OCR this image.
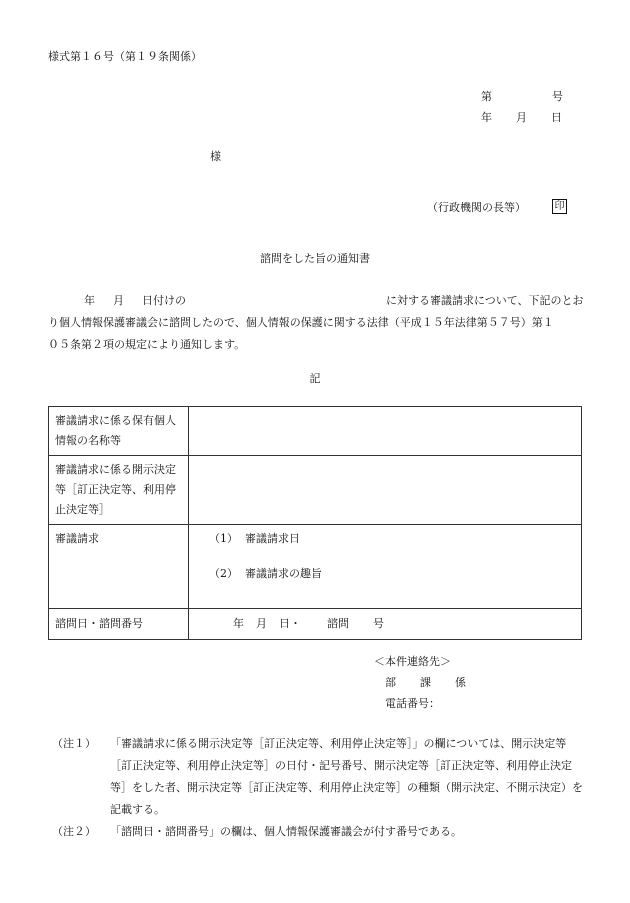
様式第１６号（第１９条関係）
第	号
年 月 日
様
（行政機関の長等）	印
諮問をした旨の通知書

年 月 日付けの	に対する審議請求について、下記のとお

り個人情報保護審議会に諮問したので、個人情報の保護に関する法律（平成１５年法律第５７号）第１

０５条第２項の規定により通知します。

記
審議請求に係る保有個人情報の名称等	
審議請求に係る開示決定等［訂正決定等、利用停止決定等］	
審議請求	（1） 審議請求日
（2） 審議請求の趣旨

諮問日・諮問番号	年 月 日・ 諮問 号
＜本件連絡先＞
部 課 係
電話番号：
（注１）	「審議請求に係る開示決定等［訂正決定等、利用停止決定等］」の欄については、開示決定等［訂正決定等、利用停止決定等］の日付・記号番号、開示決定等［訂正決定等、利用停止決定等］をした者、開示決定等［訂正決定等、利用停止決定等］の種類（開示決定、不開示決定）を記載する。
（注２）	「諮問日・諮問番号」の欄は、個人情報保護審議会が付す番号である。
